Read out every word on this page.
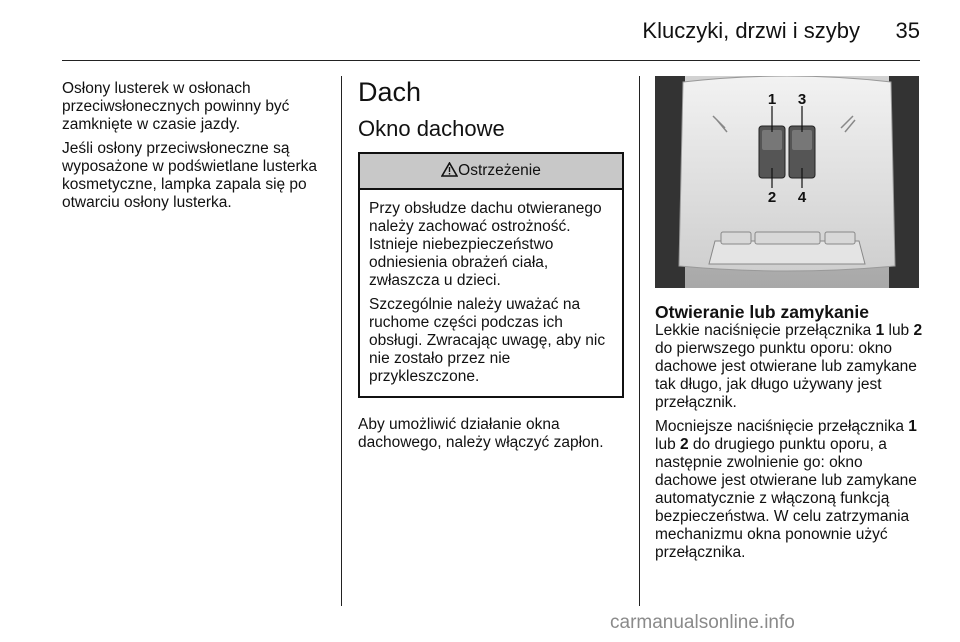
Kluczyki, drzwi i szyby	35

Osłony lusterek w osłonach przeciwsłonecznych powinny być zamknięte w czasie jazdy.

Jeśli osłony przeciwsłoneczne są wyposażone w podświetlane lusterka kosmetyczne, lampka zapala się po otwarciu osłony lusterka.

Dach
Okno dachowe
Ostrzeżenie

Przy obsłudze dachu otwieranego należy zachować ostrożność. Istnieje niebezpieczeństwo odniesienia obrażeń ciała, zwłaszcza u dzieci.

Szczególnie należy uważać na ruchome części podczas ich obsługi. Zwracając uwagę, aby nic nie zostało przez nie przykleszczone.

Aby umożliwić działanie okna dachowego, należy włączyć zapłon.

1 3
2 4
Otwieranie lub zamykanie

Lekkie naciśnięcie przełącznika 1 lub 2 do pierwszego punktu oporu: okno dachowe jest otwierane lub zamykane tak długo, jak długo używany jest przełącznik.

Mocniejsze naciśnięcie przełącznika 1 lub 2 do drugiego punktu oporu, a następnie zwolnienie go: okno dachowe jest otwierane lub zamykane automatycznie z włączoną funkcją bezpieczeństwa. W celu zatrzymania mechanizmu okna ponownie użyć przełącznika.

carmanualsonline.info
